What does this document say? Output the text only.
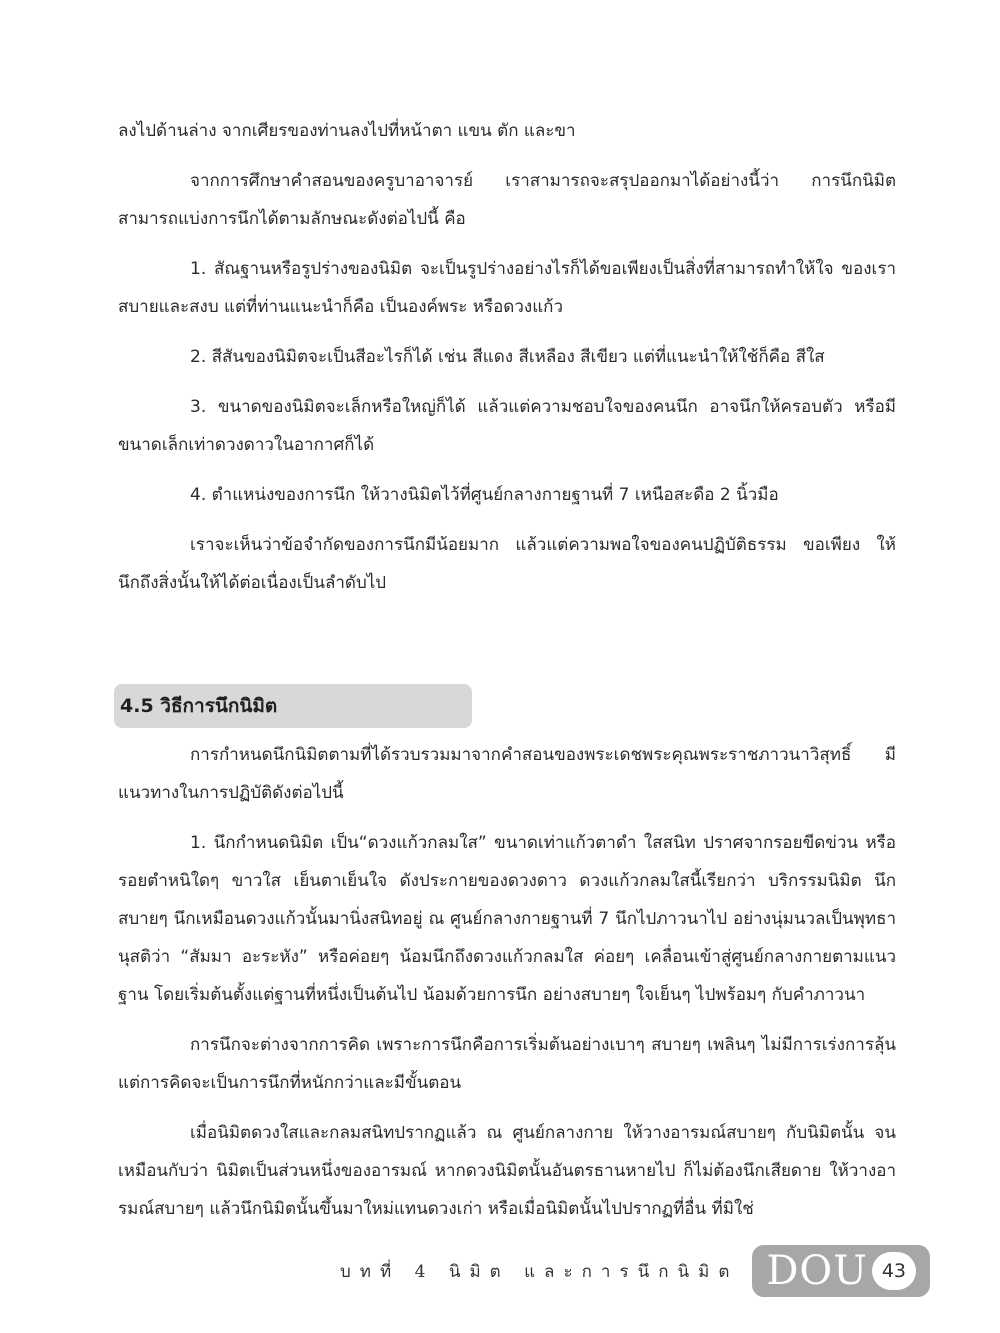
ลงไปด้านล่าง จากเศียรของท่านลงไปที่หน้าตา แขน ตัก และขา

จากการศึกษาคำสอนของครูบาอาจารย์ เราสามารถจะสรุปออกมาได้อย่างนี้ว่า การนึกนิมิต สามารถแบ่งการนึกได้ตามลักษณะดังต่อไปนี้ คือ

1. สัณฐานหรือรูปร่างของนิมิต จะเป็นรูปร่างอย่างไรก็ได้ขอเพียงเป็นสิ่งที่สามารถทำให้ใจ ของเราสบายและสงบ แต่ที่ท่านแนะนำก็คือ เป็นองค์พระ หรือดวงแก้ว

2. สีสันของนิมิตจะเป็นสีอะไรก็ได้ เช่น สีแดง สีเหลือง สีเขียว แต่ที่แนะนำให้ใช้ก็คือ สีใส

3. ขนาดของนิมิตจะเล็กหรือใหญ่ก็ได้ แล้วแต่ความชอบใจของคนนึก อาจนึกให้ครอบตัว หรือมีขนาดเล็กเท่าดวงดาวในอากาศก็ได้

4. ตำแหน่งของการนึก ให้วางนิมิตไว้ที่ศูนย์กลางกายฐานที่ 7 เหนือสะดือ 2 นิ้วมือ

เราจะเห็นว่าข้อจำกัดของการนึกมีน้อยมาก แล้วแต่ความพอใจของคนปฏิบัติธรรม ขอเพียง ให้นึกถึงสิ่งนั้นให้ได้ต่อเนื่องเป็นลำดับไป

4.5 วิธีการนึกนิมิต

การกำหนดนึกนิมิตตามที่ได้รวบรวมมาจากคำสอนของพระเดชพระคุณพระราชภาวนาวิสุทธิ์ มีแนวทางในการปฏิบัติดังต่อไปนี้

1. นึกกำหนดนิมิต เป็น“ดวงแก้วกลมใส” ขนาดเท่าแก้วตาดำ ใสสนิท ปราศจากรอยขีดข่วน หรือ รอยตำหนิใดๆ ขาวใส เย็นตาเย็นใจ ดังประกายของดวงดาว ดวงแก้วกลมใสนี้เรียกว่า บริกรรมนิมิต นึกสบายๆ นึกเหมือนดวงแก้วนั้นมานิ่งสนิทอยู่ ณ ศูนย์กลางกายฐานที่ 7 นึกไปภาวนาไป อย่างนุ่มนวลเป็นพุทธานุสติว่า “สัมมา อะระหัง” หรือค่อยๆ น้อมนึกถึงดวงแก้วกลมใส ค่อยๆ เคลื่อนเข้าสู่ศูนย์กลางกายตามแนวฐาน โดยเริ่มต้นตั้งแต่ฐานที่หนึ่งเป็นต้นไป น้อมด้วยการนึก อย่างสบายๆ ใจเย็นๆ ไปพร้อมๆ กับคำภาวนา

การนึกจะต่างจากการคิด เพราะการนึกคือการเริ่มต้นอย่างเบาๆ สบายๆ เพลินๆ ไม่มีการเร่งการลุ้น แต่การคิดจะเป็นการนึกที่หนักกว่าและมีขั้นตอน

เมื่อนิมิตดวงใสและกลมสนิทปรากฏแล้ว ณ ศูนย์กลางกาย ให้วางอารมณ์สบายๆ กับนิมิตนั้น จนเหมือนกับว่า นิมิตเป็นส่วนหนึ่งของอารมณ์ หากดวงนิมิตนั้นอันตรธานหายไป ก็ไม่ต้องนึกเสียดาย ให้วางอารมณ์สบายๆ แล้วนึกนิมิตนั้นขึ้นมาใหม่แทนดวงเก่า หรือเมื่อนิมิตนั้นไปปรากฏที่อื่น ที่มิใช่

บทที่ 4 นิมิต และการนึกนิมิต DOU 43
